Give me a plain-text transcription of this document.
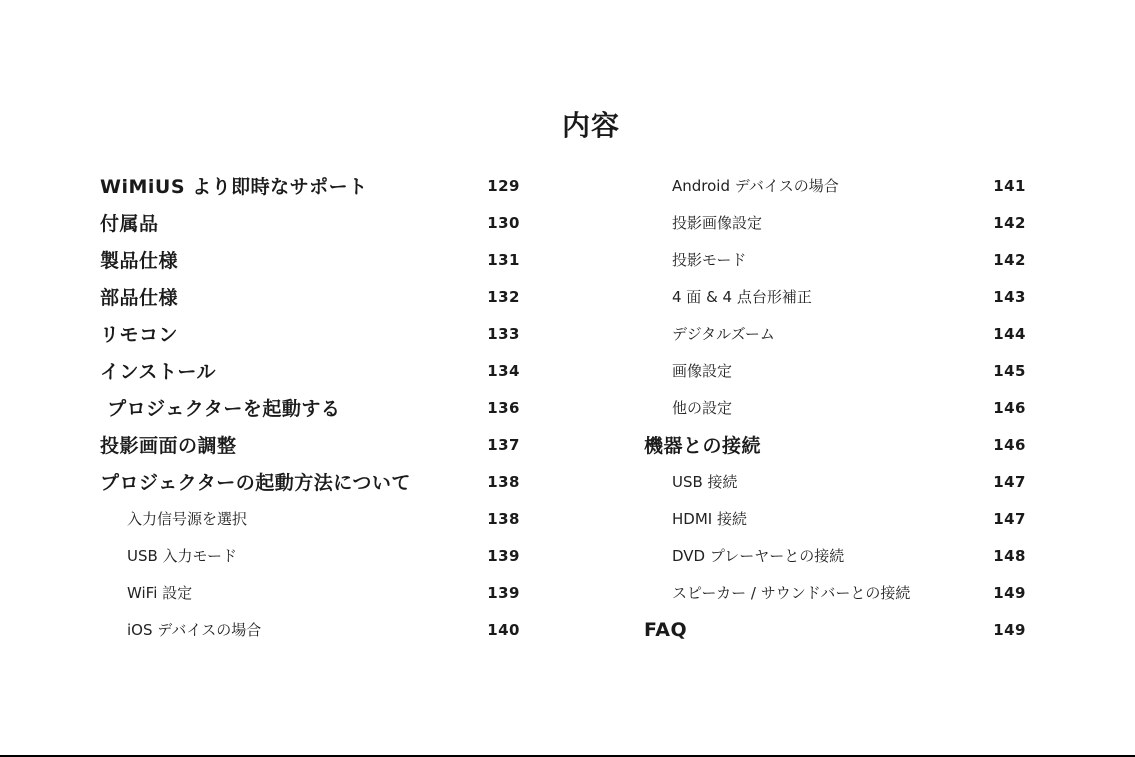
内容
WiMiUS より即時なサポート	129
付属品	130
製品仕様	131
部品仕様	132
リモコン	133
インストール	134
プロジェクターを起動する	136
投影画面の調整	137
プロジェクターの起動方法について	138
入力信号源を選択	138
USB 入力モード	139
WiFi 設定	139
iOS デバイスの場合	140
Android デバイスの場合	141
投影画像設定	142
投影モード	142
4 面 & 4 点台形補正	143
デジタルズーム	144
画像設定	145
他の設定	146
機器との接続	146
USB 接続	147
HDMI 接続	147
DVD プレーヤーとの接続	148
スピーカー / サウンドバーとの接続	149
FAQ	149
